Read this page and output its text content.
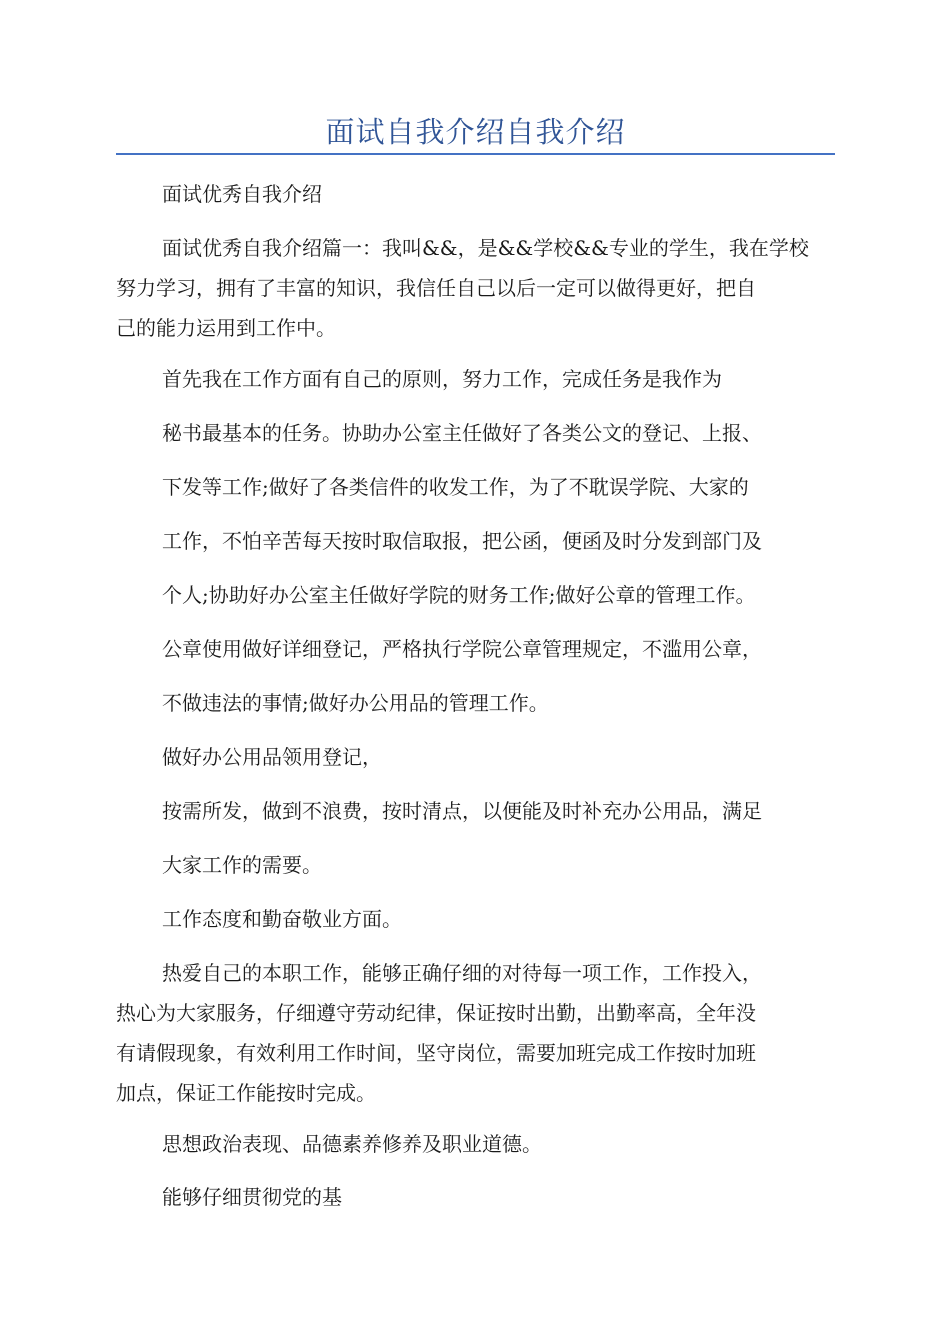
面试自我介绍自我介绍

面试优秀自我介绍

面试优秀自我介绍篇一：我叫&&，是&&学校&&专业的学生，我在学校
努力学习，拥有了丰富的知识，我信任自己以后一定可以做得更好，把自
己的能力运用到工作中。
首先我在工作方面有自己的原则，努力工作，完成任务是我作为
秘书最基本的任务。协助办公室主任做好了各类公文的登记、上报、
下发等工作;做好了各类信件的收发工作，为了不耽误学院、大家的
工作，不怕辛苦每天按时取信取报，把公函，便函及时分发到部门及
个人;协助好办公室主任做好学院的财务工作;做好公章的管理工作。
公章使用做好详细登记，严格执行学院公章管理规定，不滥用公章，
不做违法的事情;做好办公用品的管理工作。
做好办公用品领用登记，
按需所发，做到不浪费，按时清点，以便能及时补充办公用品，满足
大家工作的需要。
工作态度和勤奋敬业方面。
热爱自己的本职工作，能够正确仔细的对待每一项工作，工作投入，
热心为大家服务，仔细遵守劳动纪律，保证按时出勤，出勤率高，全年没
有请假现象，有效利用工作时间，坚守岗位，需要加班完成工作按时加班
加点，保证工作能按时完成。

思想政治表现、品德素养修养及职业道德。

能够仔细贯彻党的基
